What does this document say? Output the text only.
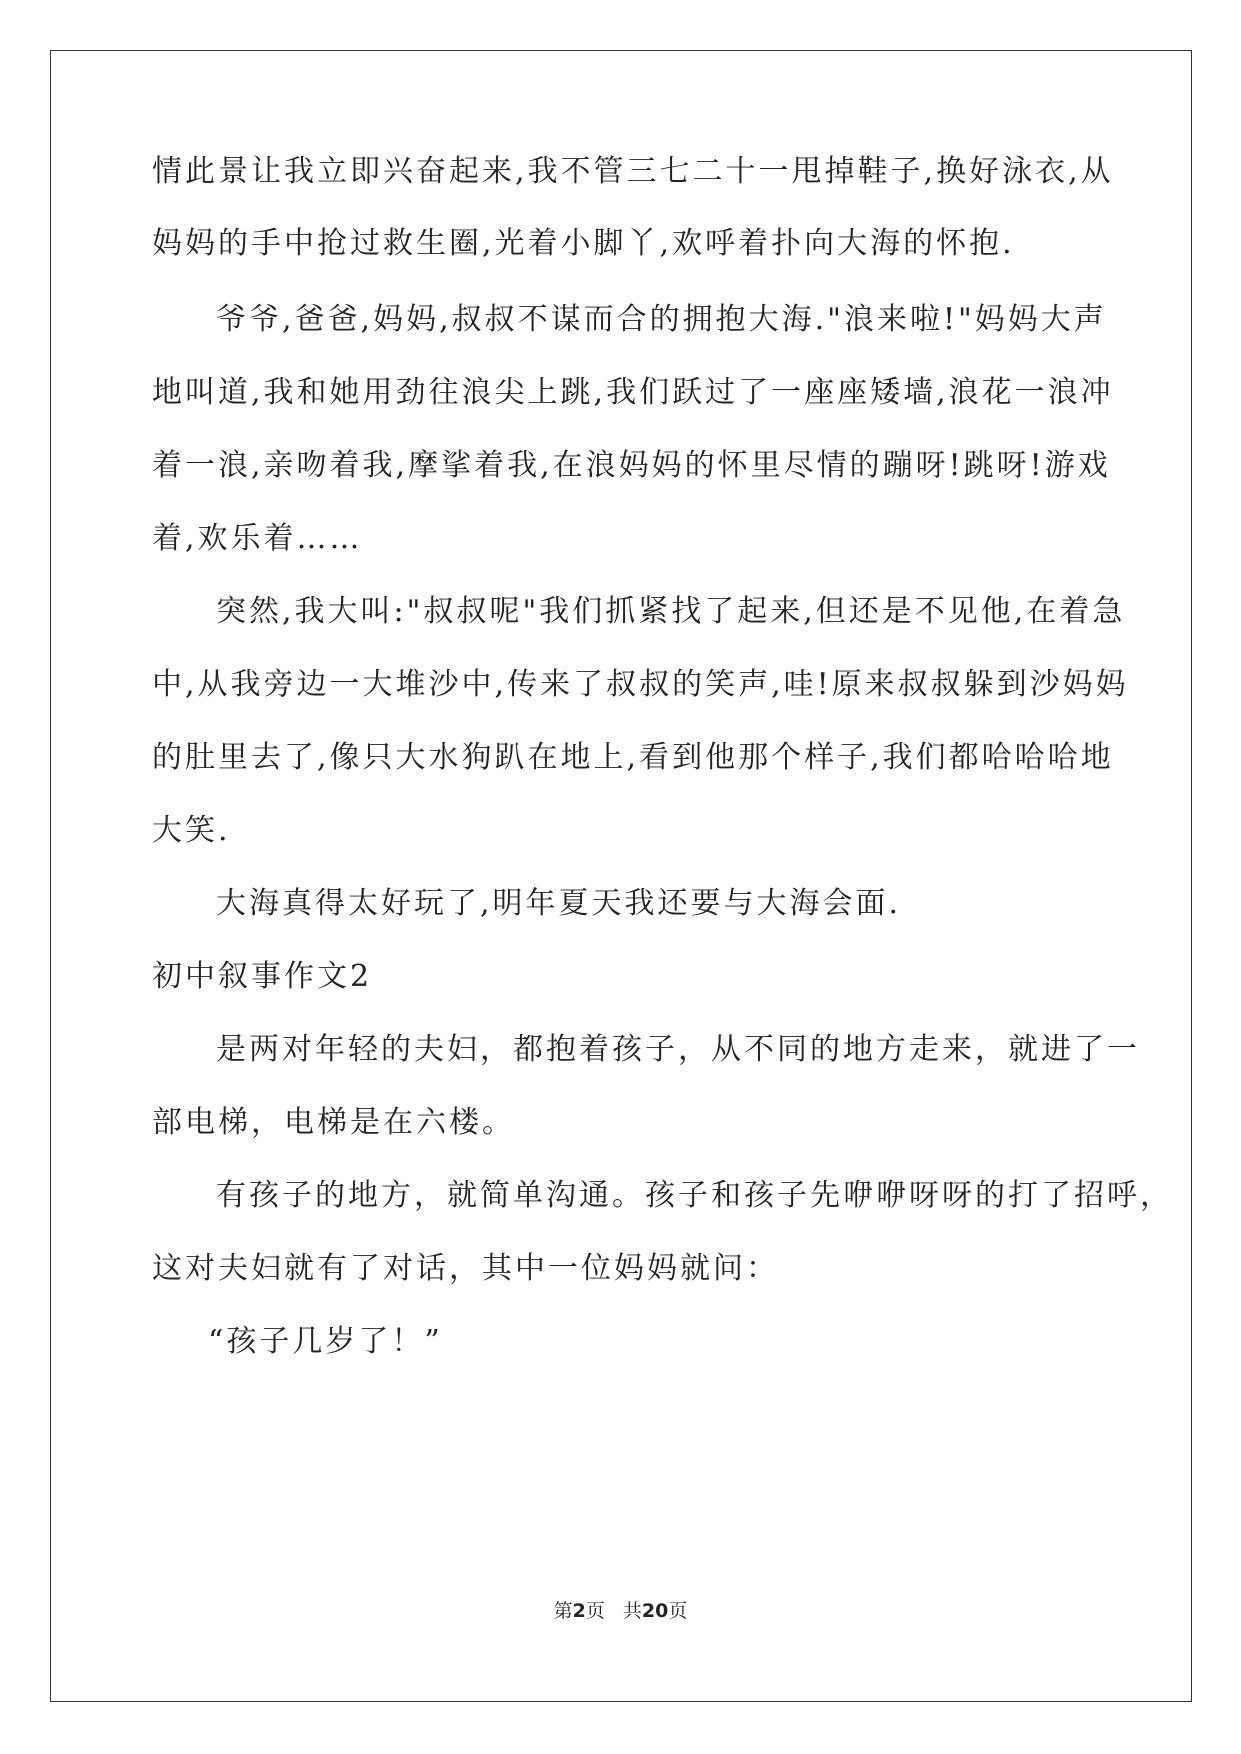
情此景让我立即兴奋起来,我不管三七二十一甩掉鞋子,换好泳衣,从
妈妈的手中抢过救生圈,光着小脚丫,欢呼着扑向大海的怀抱.
爷爷,爸爸,妈妈,叔叔不谋而合的拥抱大海."浪来啦!"妈妈大声
地叫道,我和她用劲往浪尖上跳,我们跃过了一座座矮墙,浪花一浪冲
着一浪,亲吻着我,摩挲着我,在浪妈妈的怀里尽情的蹦呀!跳呀!游戏
着,欢乐着……
突然,我大叫:"叔叔呢"我们抓紧找了起来,但还是不见他,在着急
中,从我旁边一大堆沙中,传来了叔叔的笑声,哇!原来叔叔躲到沙妈妈
的肚里去了,像只大水狗趴在地上,看到他那个样子,我们都哈哈哈地
大笑.
大海真得太好玩了,明年夏天我还要与大海会面.
初中叙事作文2
是两对年轻的夫妇，都抱着孩子，从不同的地方走来，就进了一
部电梯，电梯是在六楼。
有孩子的地方，就简单沟通。孩子和孩子先咿咿呀呀的打了招呼，
这对夫妇就有了对话，其中一位妈妈就问：
“孩子几岁了！”
第2页 共20页
